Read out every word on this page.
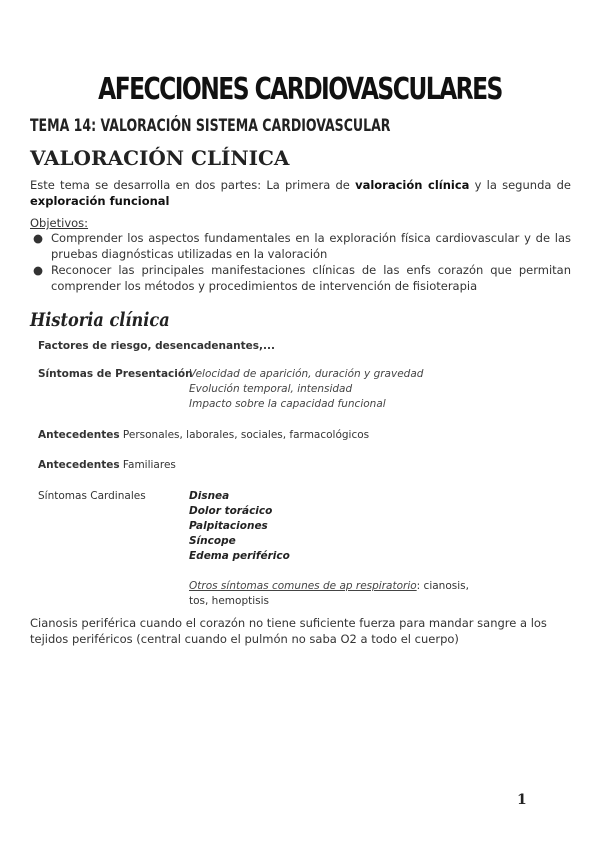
AFECCIONES CARDIOVASCULARES
TEMA 14: VALORACIÓN SISTEMA CARDIOVASCULAR
VALORACIÓN CLÍNICA

Este tema se desarrolla en dos partes: La primera de valoración clínica y la segunda de exploración funcional

Objetivos:

● Comprender los aspectos fundamentales en la exploración física cardiovascular y de las pruebas diagnósticas utilizadas en la valoración
● Reconocer las principales manifestaciones clínicas de las enfs corazón que permitan comprender los métodos y procedimientos de intervención de fisioterapia
Historia clínica
Factores de riesgo, desencadenantes,...
Síntomas de Presentación
Velocidad de aparición, duración y gravedad
Evolución temporal, intensidad
Impacto sobre la capacidad funcional
Antecedentes Personales, laborales, sociales, farmacológicos
Antecedentes Familiares
Síntomas Cardinales	Disnea
Dolor torácico
Palpitaciones
Síncope
Edema periférico
Otros síntomas comunes de ap respiratorio: cianosis,
tos, hemoptisis

Cianosis periférica cuando el corazón no tiene suficiente fuerza para mandar sangre a los tejidos periféricos (central cuando el pulmón no saba O2 a todo el cuerpo)

1
